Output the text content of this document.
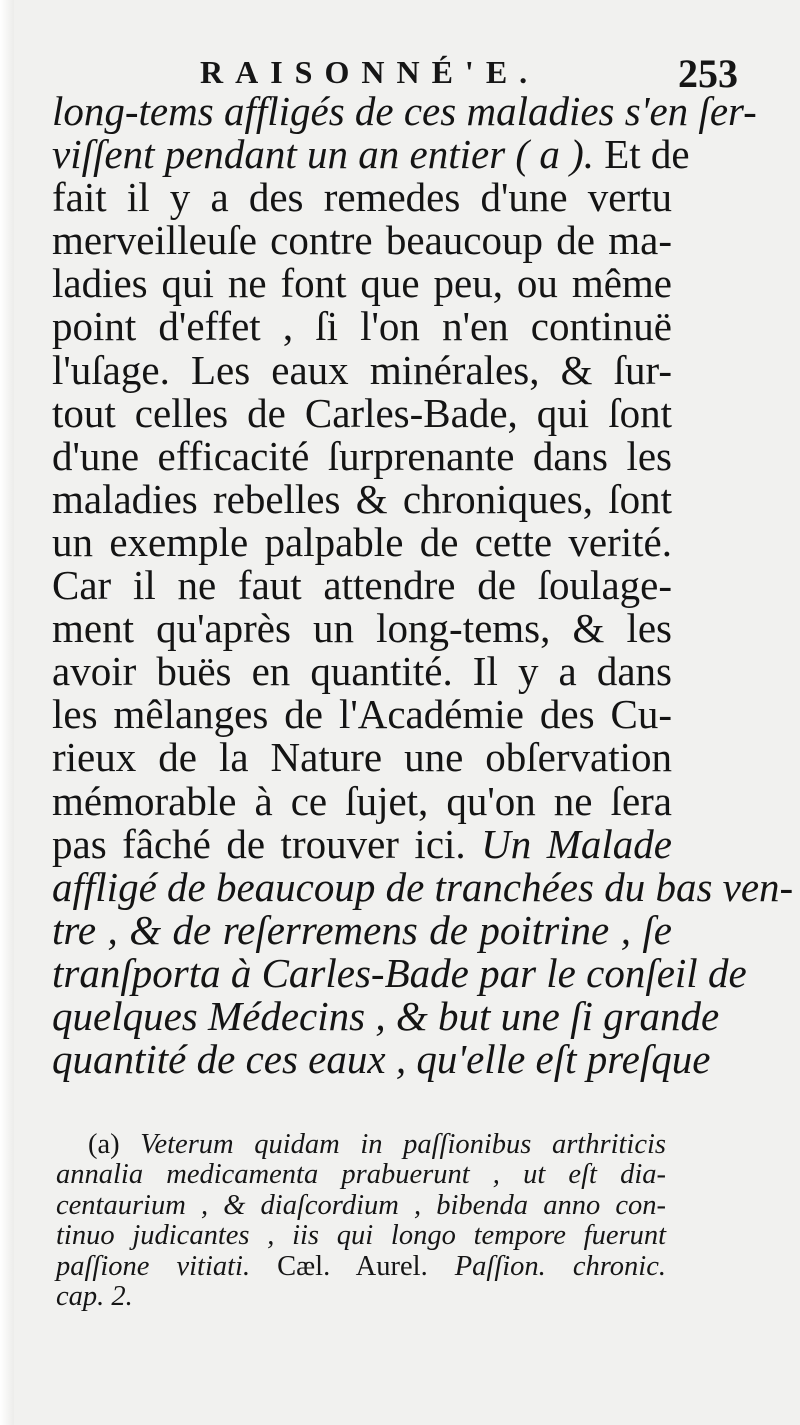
RAISONNÉ'E.	253
long-tems affligés de ces maladies s'en ſer-
viſſent pendant un an entier ( a ). Et de
fait il y a des remedes d'une vertu
merveilleuſe contre beaucoup de ma-
ladies qui ne font que peu, ou même
point d'effet , ſi l'on n'en continuë
l'uſage. Les eaux minérales, & ſur-
tout celles de Carles-Bade, qui ſont
d'une efficacité ſurprenante dans les
maladies rebelles & chroniques, ſont
un exemple palpable de cette verité.
Car il ne faut attendre de ſoulage-
ment qu'après un long-tems, & les
avoir buës en quantité. Il y a dans
les mêlanges de l'Académie des Cu-
rieux de la Nature une obſervation
mémorable à ce ſujet, qu'on ne ſera
pas fâché de trouver ici. Un Malade
affligé de beaucoup de tranchées du bas ven-
tre , & de reſerremens de poitrine , ſe
tranſporta à Carles-Bade par le conſeil de
quelques Médecins , & but une ſi grande
quantité de ces eaux , qu'elle eſt preſque
(a) Veterum quidam in paſſionibus arthriticis
annalia medicamenta prabuerunt , ut eſt dia-
centaurium , & diaſcordium , bibenda anno con-
tinuo judicantes , iis qui longo tempore fuerunt
paſſione vitiati. Cæl. Aurel. Paſſion. chronic.
cap. 2.
